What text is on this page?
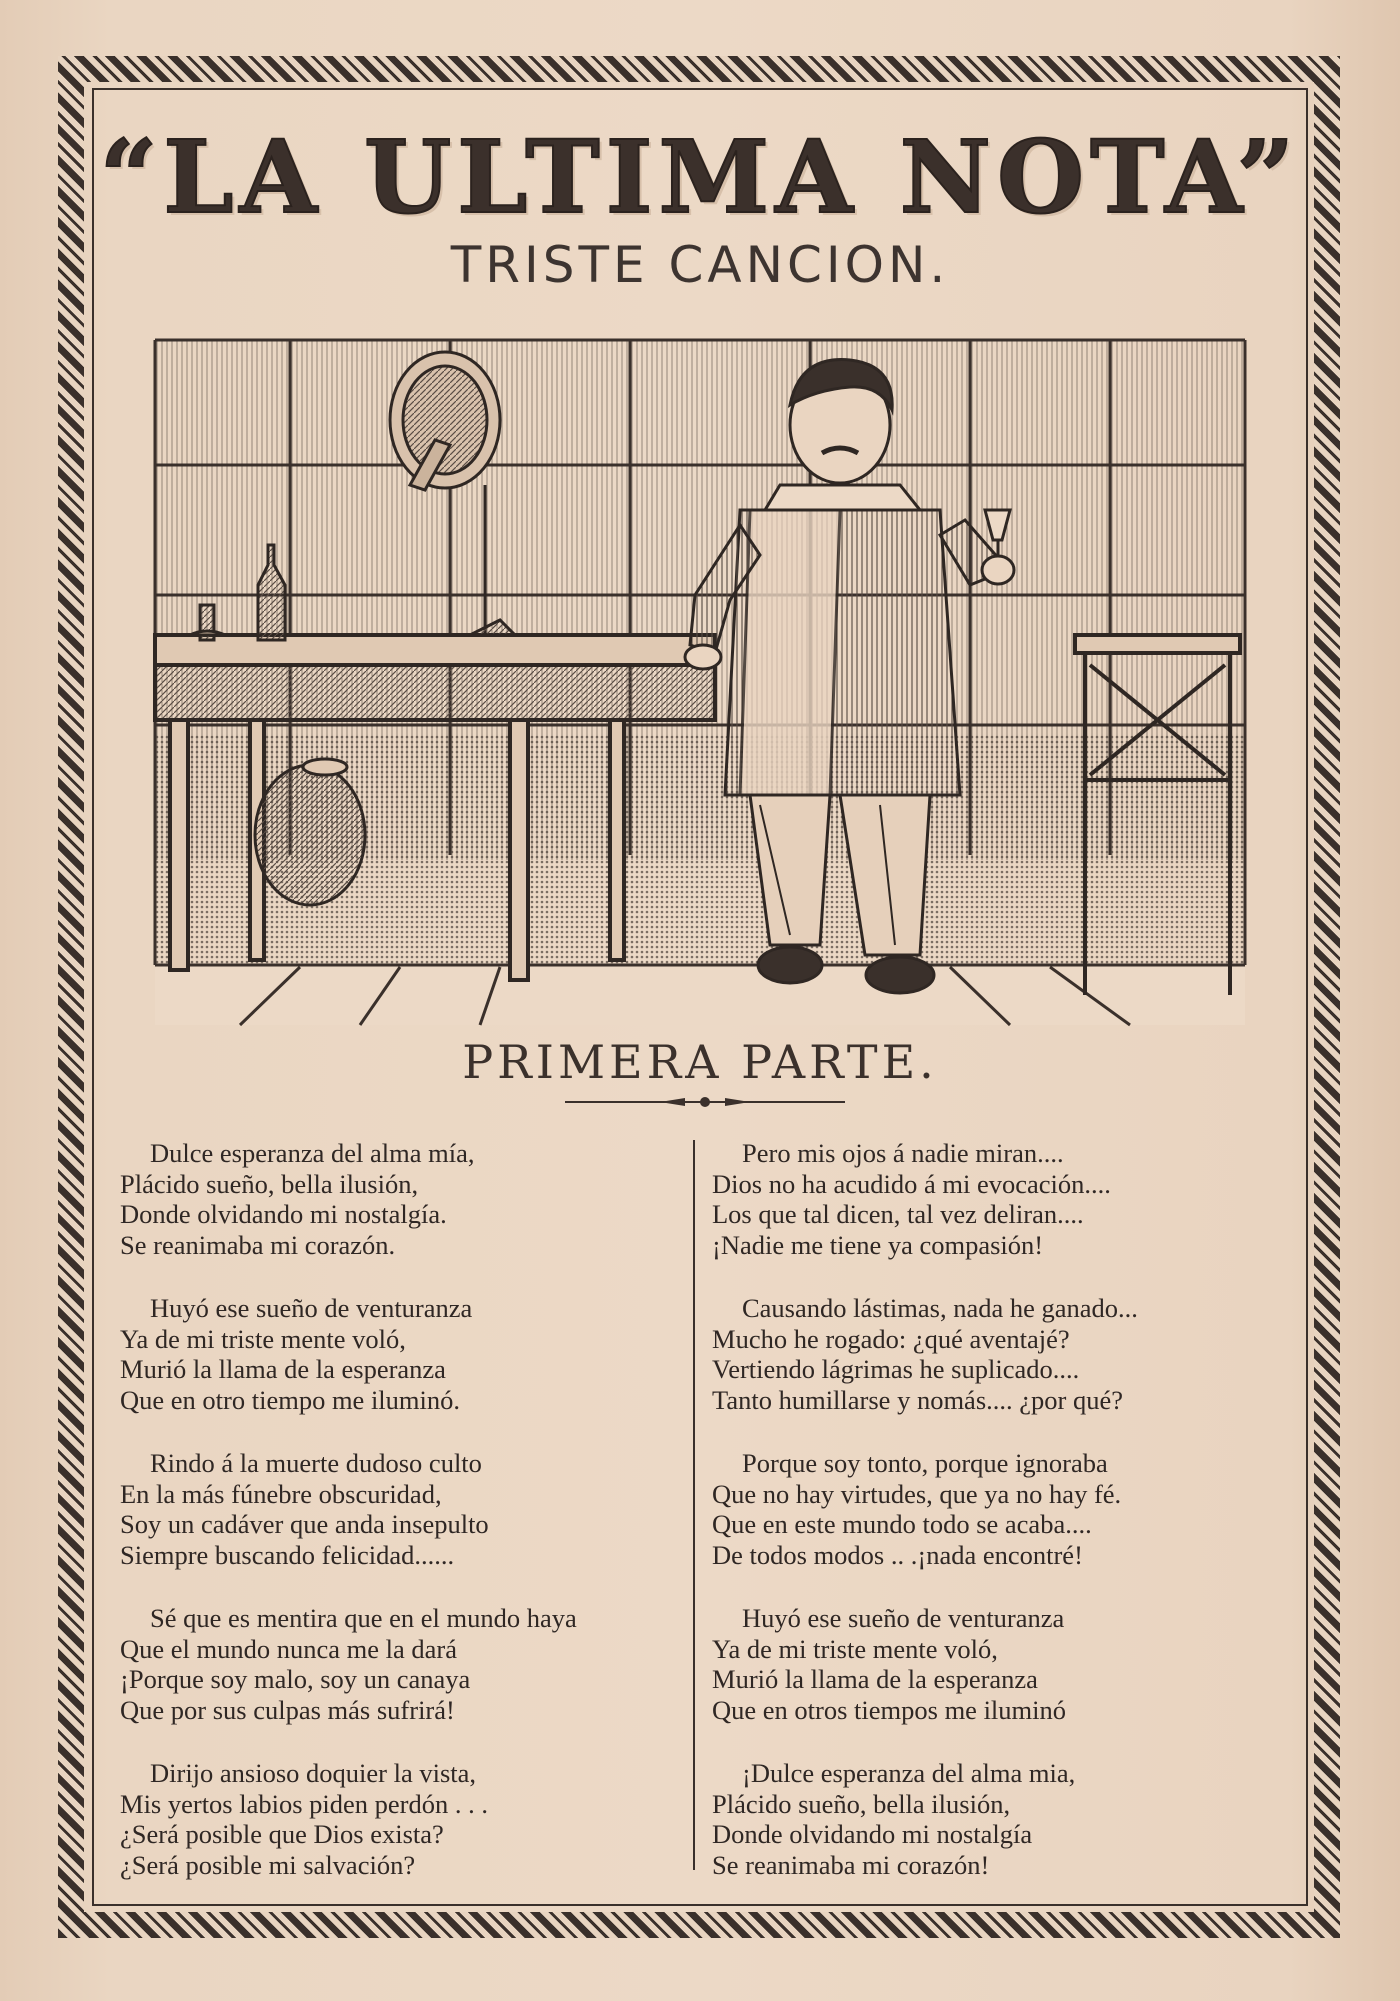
“LA ULTIMA NOTA”
TRISTE CANCION.
PRIMERA PARTE.
Dulce esperanza del alma mía,
Plácido sueño, bella ilusión,
Donde olvidando mi nostalgía.
Se reanimaba mi corazón.
Huyó ese sueño de venturanza
Ya de mi triste mente voló,
Murió la llama de la esperanza
Que en otro tiempo me iluminó.
Rindo á la muerte dudoso culto
En la más fúnebre obscuridad,
Soy un cadáver que anda insepulto
Siempre buscando felicidad......
Sé que es mentira que en el mundo haya
Que el mundo nunca me la dará
¡Porque soy malo, soy un canaya
Que por sus culpas más sufrirá!
Dirijo ansioso doquier la vista,
Mis yertos labios piden perdón . . .
¿Será posible que Dios exista?
¿Será posible mi salvación?
Pero mis ojos á nadie miran....
Dios no ha acudido á mi evocación....
Los que tal dicen, tal vez deliran....
¡Nadie me tiene ya compasión!
Causando lástimas, nada he ganado...
Mucho he rogado: ¿qué aventajé?
Vertiendo lágrimas he suplicado....
Tanto humillarse y nomás.... ¿por qué?
Porque soy tonto, porque ignoraba
Que no hay virtudes, que ya no hay fé.
Que en este mundo todo se acaba....
De todos modos .. .¡nada encontré!
Huyó ese sueño de venturanza
Ya de mi triste mente voló,
Murió la llama de la esperanza
Que en otros tiempos me iluminó
¡Dulce esperanza del alma mia,
Plácido sueño, bella ilusión,
Donde olvidando mi nostalgía
Se reanimaba mi corazón!
